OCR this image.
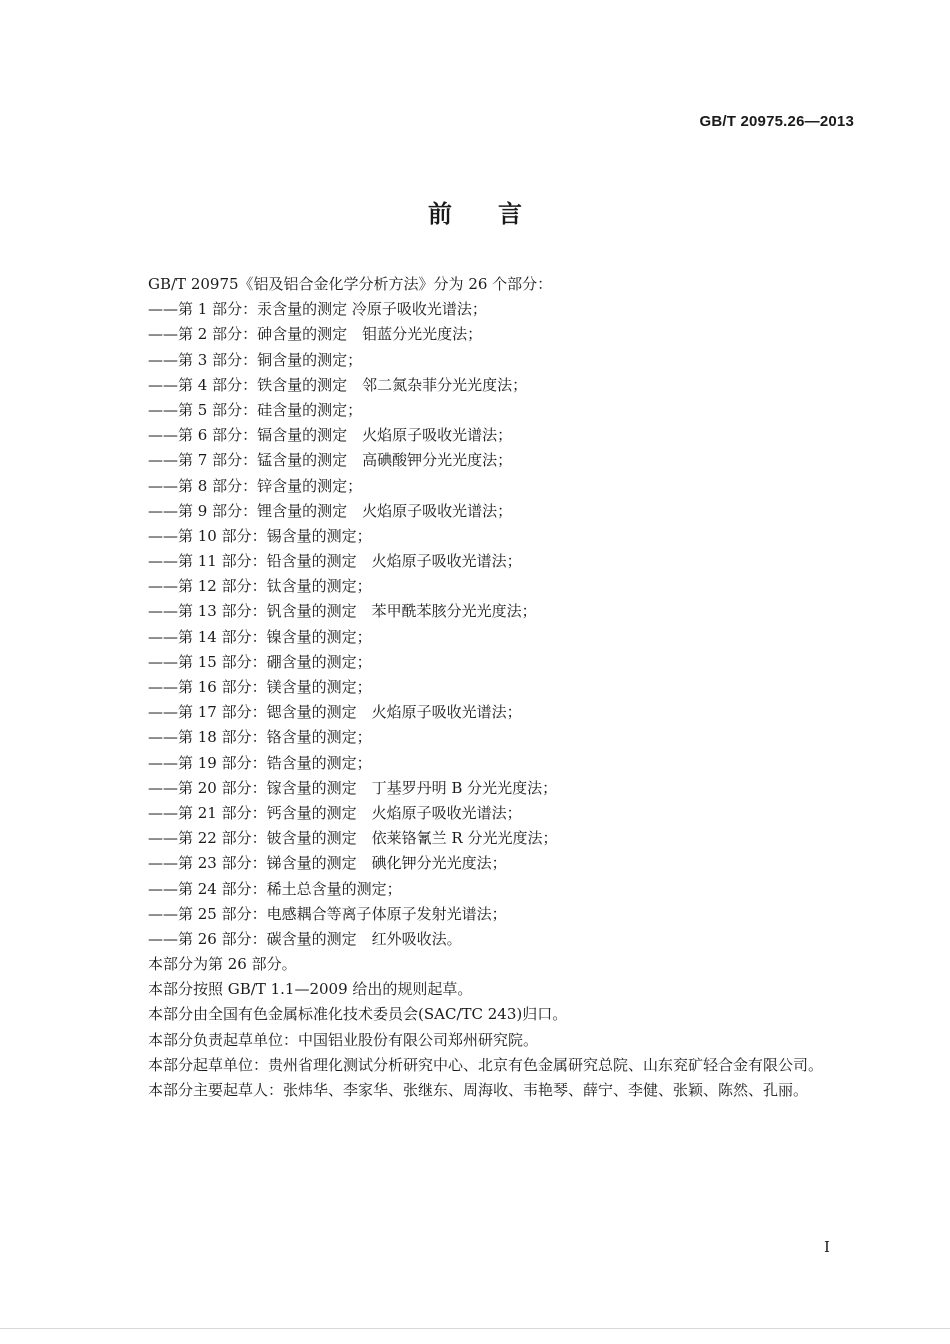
GB/T 20975.26—2013
前言
GB/T 20975《铝及铝合金化学分析方法》分为 26 个部分：
——第 1 部分：汞含量的测定 冷原子吸收光谱法；
——第 2 部分：砷含量的测定　钼蓝分光光度法；
——第 3 部分：铜含量的测定；
——第 4 部分：铁含量的测定　邻二氮杂菲分光光度法；
——第 5 部分：硅含量的测定；
——第 6 部分：镉含量的测定　火焰原子吸收光谱法；
——第 7 部分：锰含量的测定　高碘酸钾分光光度法；
——第 8 部分：锌含量的测定；
——第 9 部分：锂含量的测定　火焰原子吸收光谱法；
——第 10 部分：锡含量的测定；
——第 11 部分：铅含量的测定　火焰原子吸收光谱法；
——第 12 部分：钛含量的测定；
——第 13 部分：钒含量的测定　苯甲酰苯胲分光光度法；
——第 14 部分：镍含量的测定；
——第 15 部分：硼含量的测定；
——第 16 部分：镁含量的测定；
——第 17 部分：锶含量的测定　火焰原子吸收光谱法；
——第 18 部分：铬含量的测定；
——第 19 部分：锆含量的测定；
——第 20 部分：镓含量的测定　丁基罗丹明 B 分光光度法；
——第 21 部分：钙含量的测定　火焰原子吸收光谱法；
——第 22 部分：铍含量的测定　依莱铬氰兰 R 分光光度法；
——第 23 部分：锑含量的测定　碘化钾分光光度法；
——第 24 部分：稀土总含量的测定；
——第 25 部分：电感耦合等离子体原子发射光谱法；
——第 26 部分：碳含量的测定　红外吸收法。
本部分为第 26 部分。
本部分按照 GB/T 1.1—2009 给出的规则起草。
本部分由全国有色金属标准化技术委员会(SAC/TC 243)归口。
本部分负责起草单位：中国铝业股份有限公司郑州研究院。
本部分起草单位：贵州省理化测试分析研究中心、北京有色金属研究总院、山东兖矿轻合金有限公司。
本部分主要起草人：张炜华、李家华、张继东、周海收、韦艳琴、薛宁、李健、张颖、陈然、孔丽。
I
